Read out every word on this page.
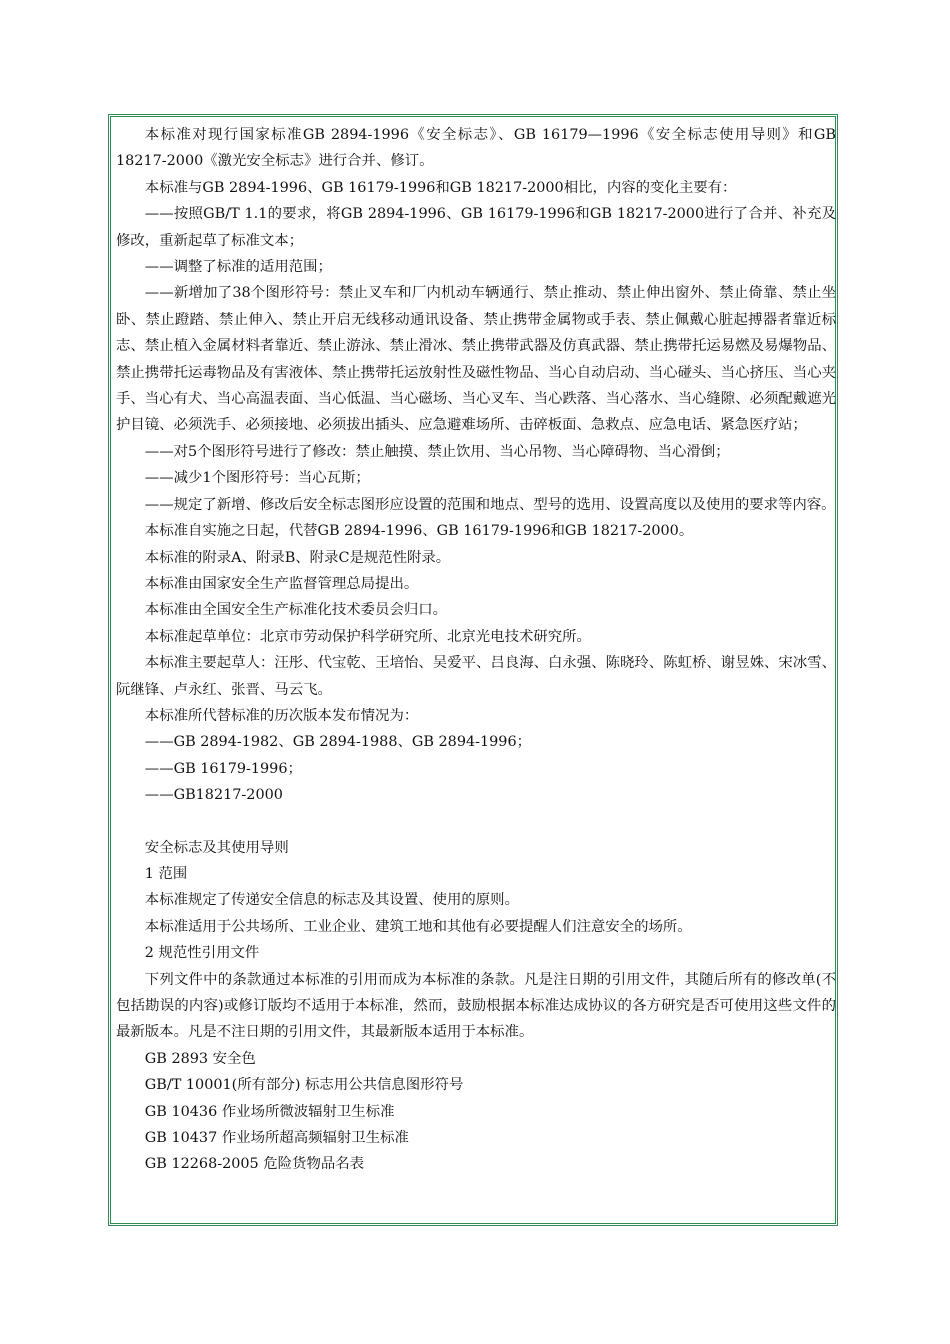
本标准对现行国家标准GB 2894-1996《安全标志》、GB 16179—1996《安全标志使用导则》和GB 18217-2000《激光安全标志》进行合并、修订。

本标准与GB 2894-1996、GB 16179-1996和GB 18217-2000相比，内容的变化主要有：

——按照GB/T 1.1的要求，将GB 2894-1996、GB 16179-1996和GB 18217-2000进行了合并、补充及修改，重新起草了标准文本；

——调整了标准的适用范围；

——新增加了38个图形符号：禁止叉车和厂内机动车辆通行、禁止推动、禁止伸出窗外、禁止倚靠、禁止坐卧、禁止蹬踏、禁止伸入、禁止开启无线移动通讯设备、禁止携带金属物或手表、禁止佩戴心脏起搏器者靠近标志、禁止植入金属材料者靠近、禁止游泳、禁止滑冰、禁止携带武器及仿真武器、禁止携带托运易燃及易爆物品、禁止携带托运毒物品及有害液体、禁止携带托运放射性及磁性物品、当心自动启动、当心碰头、当心挤压、当心夹手、当心有犬、当心高温表面、当心低温、当心磁场、当心叉车、当心跌落、当心落水、当心缝隙、必须配戴遮光护目镜、必须洗手、必须接地、必须拔出插头、应急避难场所、击碎板面、急救点、应急电话、紧急医疗站；

——对5个图形符号进行了修改：禁止触摸、禁止饮用、当心吊物、当心障碍物、当心滑倒；

——减少1个图形符号：当心瓦斯；

——规定了新增、修改后安全标志图形应设置的范围和地点、型号的选用、设置高度以及使用的要求等内容。

本标准自实施之日起，代替GB 2894-1996、GB 16179-1996和GB 18217-2000。

本标准的附录A、附录B、附录C是规范性附录。

本标准由国家安全生产监督管理总局提出。

本标准由全国安全生产标准化技术委员会归口。

本标准起草单位：北京市劳动保护科学研究所、北京光电技术研究所。

本标准主要起草人：汪彤、代宝乾、王培怡、吴爱平、吕良海、白永强、陈晓玲、陈虹桥、谢昱姝、宋冰雪、阮继锋、卢永红、张晋、马云飞。

本标准所代替标准的历次版本发布情况为：

——GB 2894-1982、GB 2894-1988、GB 2894-1996；

——GB 16179-1996；

——GB18217-2000

安全标志及其使用导则

1 范围

本标准规定了传递安全信息的标志及其设置、使用的原则。

本标准适用于公共场所、工业企业、建筑工地和其他有必要提醒人们注意安全的场所。

2 规范性引用文件

下列文件中的条款通过本标准的引用而成为本标准的条款。凡是注日期的引用文件，其随后所有的修改单(不包括勘误的内容)或修订版均不适用于本标准，然而，鼓励根据本标准达成协议的各方研究是否可使用这些文件的最新版本。凡是不注日期的引用文件，其最新版本适用于本标准。

GB 2893 安全色

GB/T 10001(所有部分) 标志用公共信息图形符号

GB 10436 作业场所微波辐射卫生标准

GB 10437 作业场所超高频辐射卫生标准

GB 12268-2005 危险货物品名表
